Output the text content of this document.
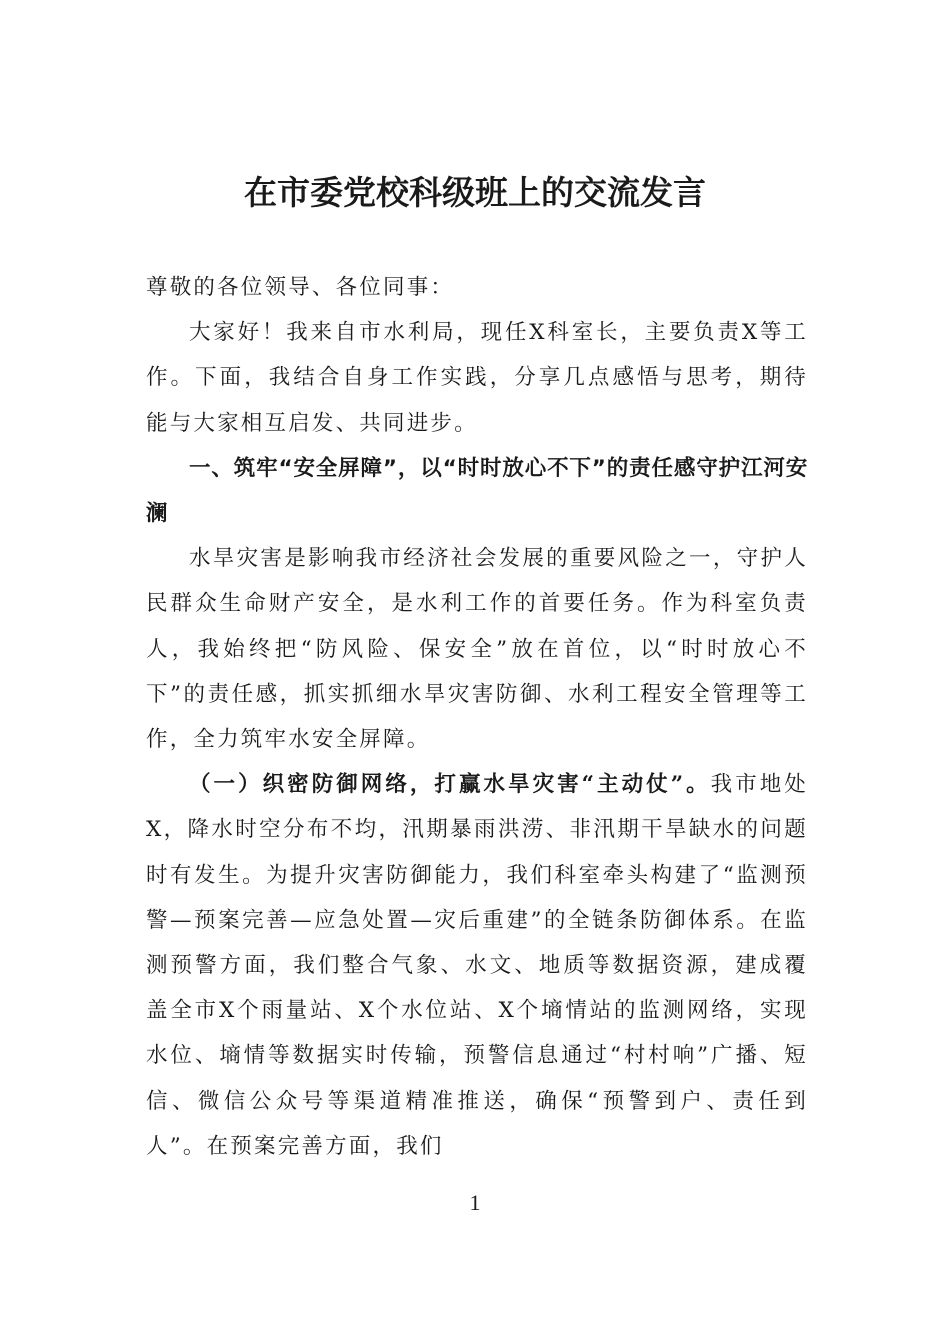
在市委党校科级班上的交流发言

尊敬的各位领导、各位同事：

大家好！我来自市水利局，现任X科室长，主要负责X等工作。下面，我结合自身工作实践，分享几点感悟与思考，期待能与大家相互启发、共同进步。

一、筑牢“安全屏障”，以“时时放心不下”的责任感守护江河安澜

水旱灾害是影响我市经济社会发展的重要风险之一，守护人民群众生命财产安全，是水利工作的首要任务。作为科室负责人，我始终把“防风险、保安全”放在首位，以“时时放心不下”的责任感，抓实抓细水旱灾害防御、水利工程安全管理等工作，全力筑牢水安全屏障。

（一）织密防御网络，打赢水旱灾害“主动仗”。我市地处X，降水时空分布不均，汛期暴雨洪涝、非汛期干旱缺水的问题时有发生。为提升灾害防御能力，我们科室牵头构建了“监测预警—预案完善—应急处置—灾后重建”的全链条防御体系。在监测预警方面，我们整合气象、水文、地质等数据资源，建成覆盖全市X个雨量站、X个水位站、X个墒情站的监测网络，实现水位、墒情等数据实时传输，预警信息通过“村村响”广播、短信、微信公众号等渠道精准推送，确保“预警到户、责任到人”。在预案完善方面，我们

1
